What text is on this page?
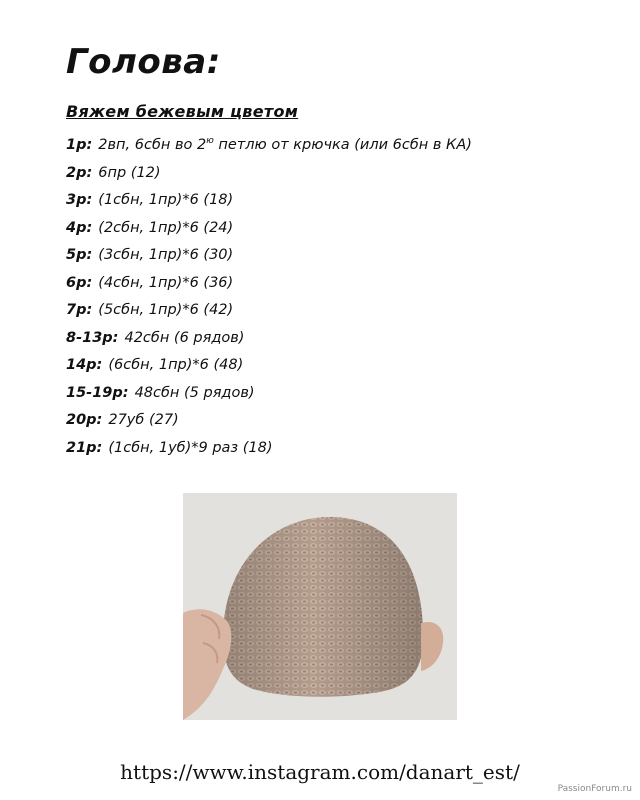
Голова:
Вяжем бежевым цветом
1р: 2вп, 6сбн во $2^ю$ петлю от крючка (или 6сбн в КА)
2р: 6пр (12)
3р: (1сбн, 1пр)*6 (18)
4р: (2сбн, 1пр)*6 (24)
5р: (3сбн, 1пр)*6 (30)
6р: (4сбн, 1пр)*6 (36)
7р: (5сбн, 1пр)*6 (42)
8-13р: 42сбн (6 рядов)
14р: (6сбн, 1пр)*6 (48)
15-19р: 48сбн (5 рядов)
20р: 27уб (27)
21р: (1сбн, 1уб)*9 раз (18)
https://www.instagram.com/danart_est/
PassionForum.ru
